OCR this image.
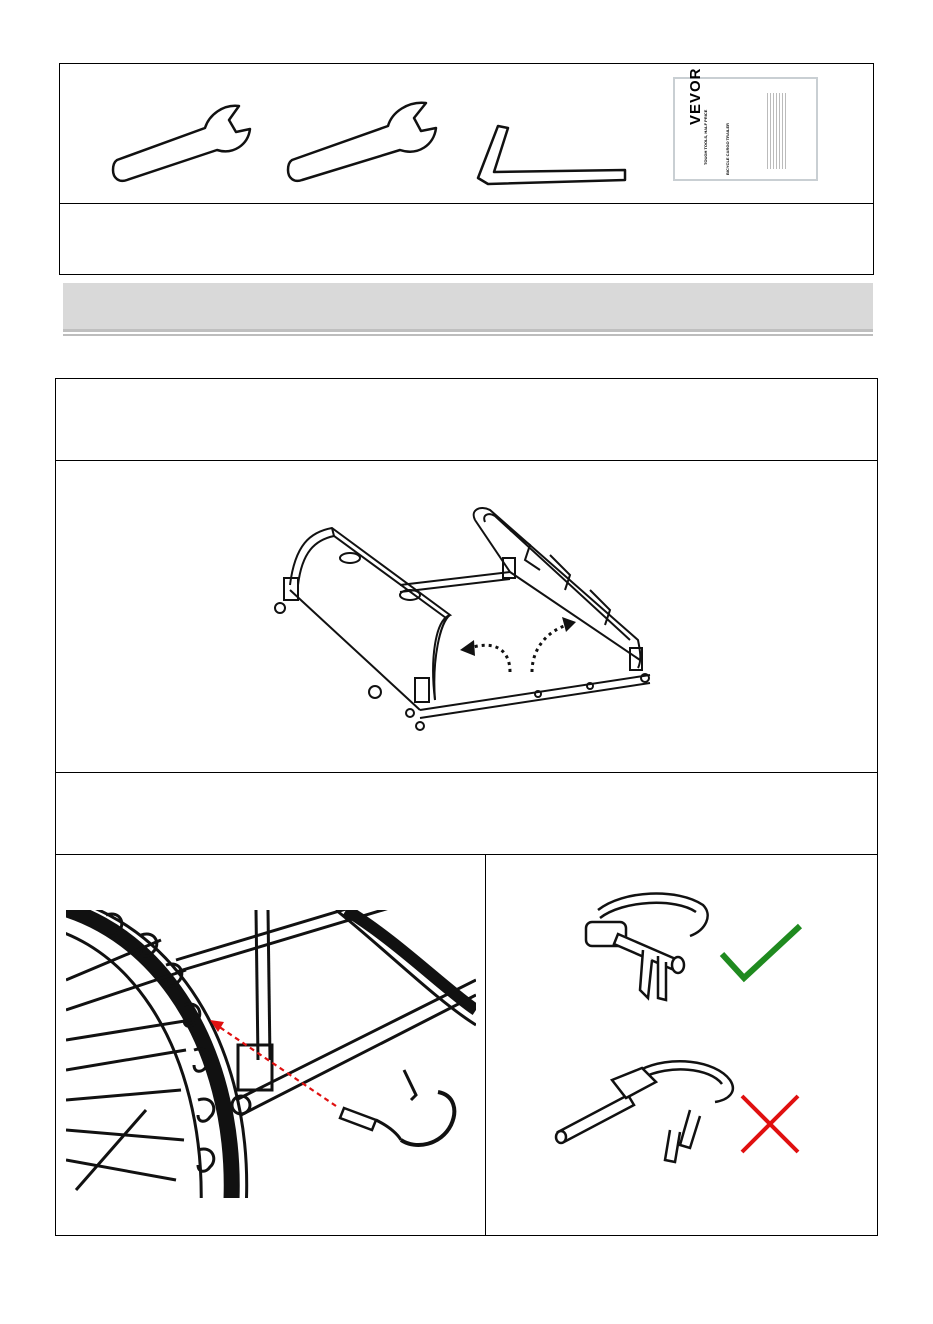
VEVOR
TOUGH TOOLS, HALF PRICE	BICYCLE CARGO TRAILER
